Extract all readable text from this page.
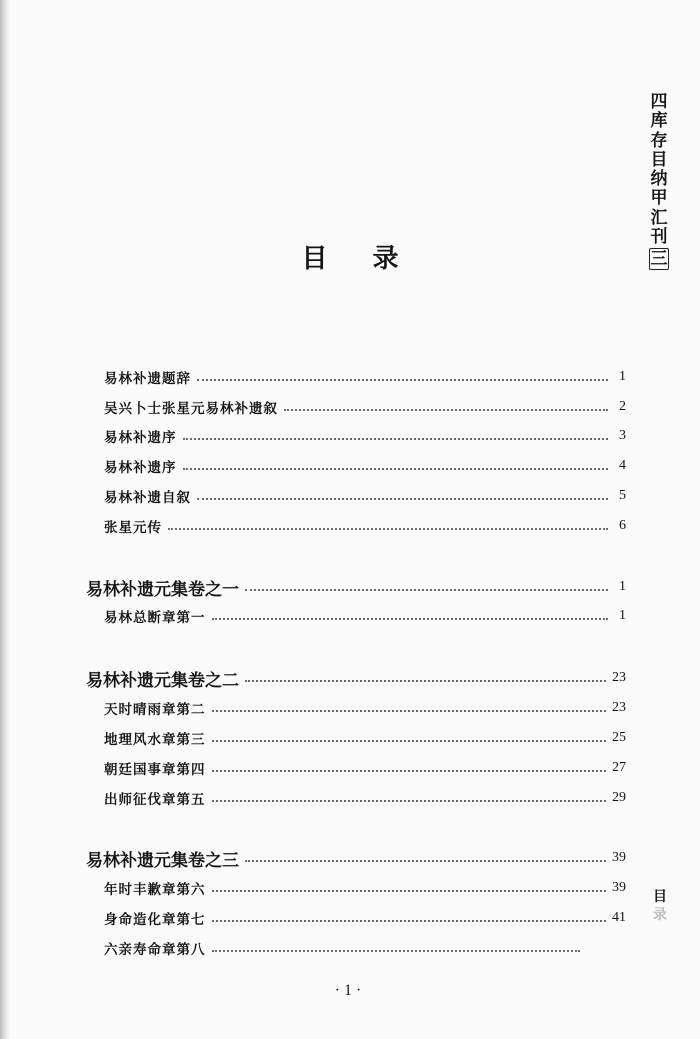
四
库
存
目
纳
甲
汇
刊
三
目
录
目 录
易林补遗题辞	1
吴兴卜士张星元易林补遗叙	2
易林补遗序	3
易林补遗序	4
易林补遗自叙	5
张星元传	6
易林补遗元集卷之一	1
易林总断章第一	1
易林补遗元集卷之二	23
天时晴雨章第二	23
地理风水章第三	25
朝廷国事章第四	27
出师征伐章第五	29
易林补遗元集卷之三	39
年时丰歉章第六	39
身命造化章第七	41
六亲寿命章第八
·1·
